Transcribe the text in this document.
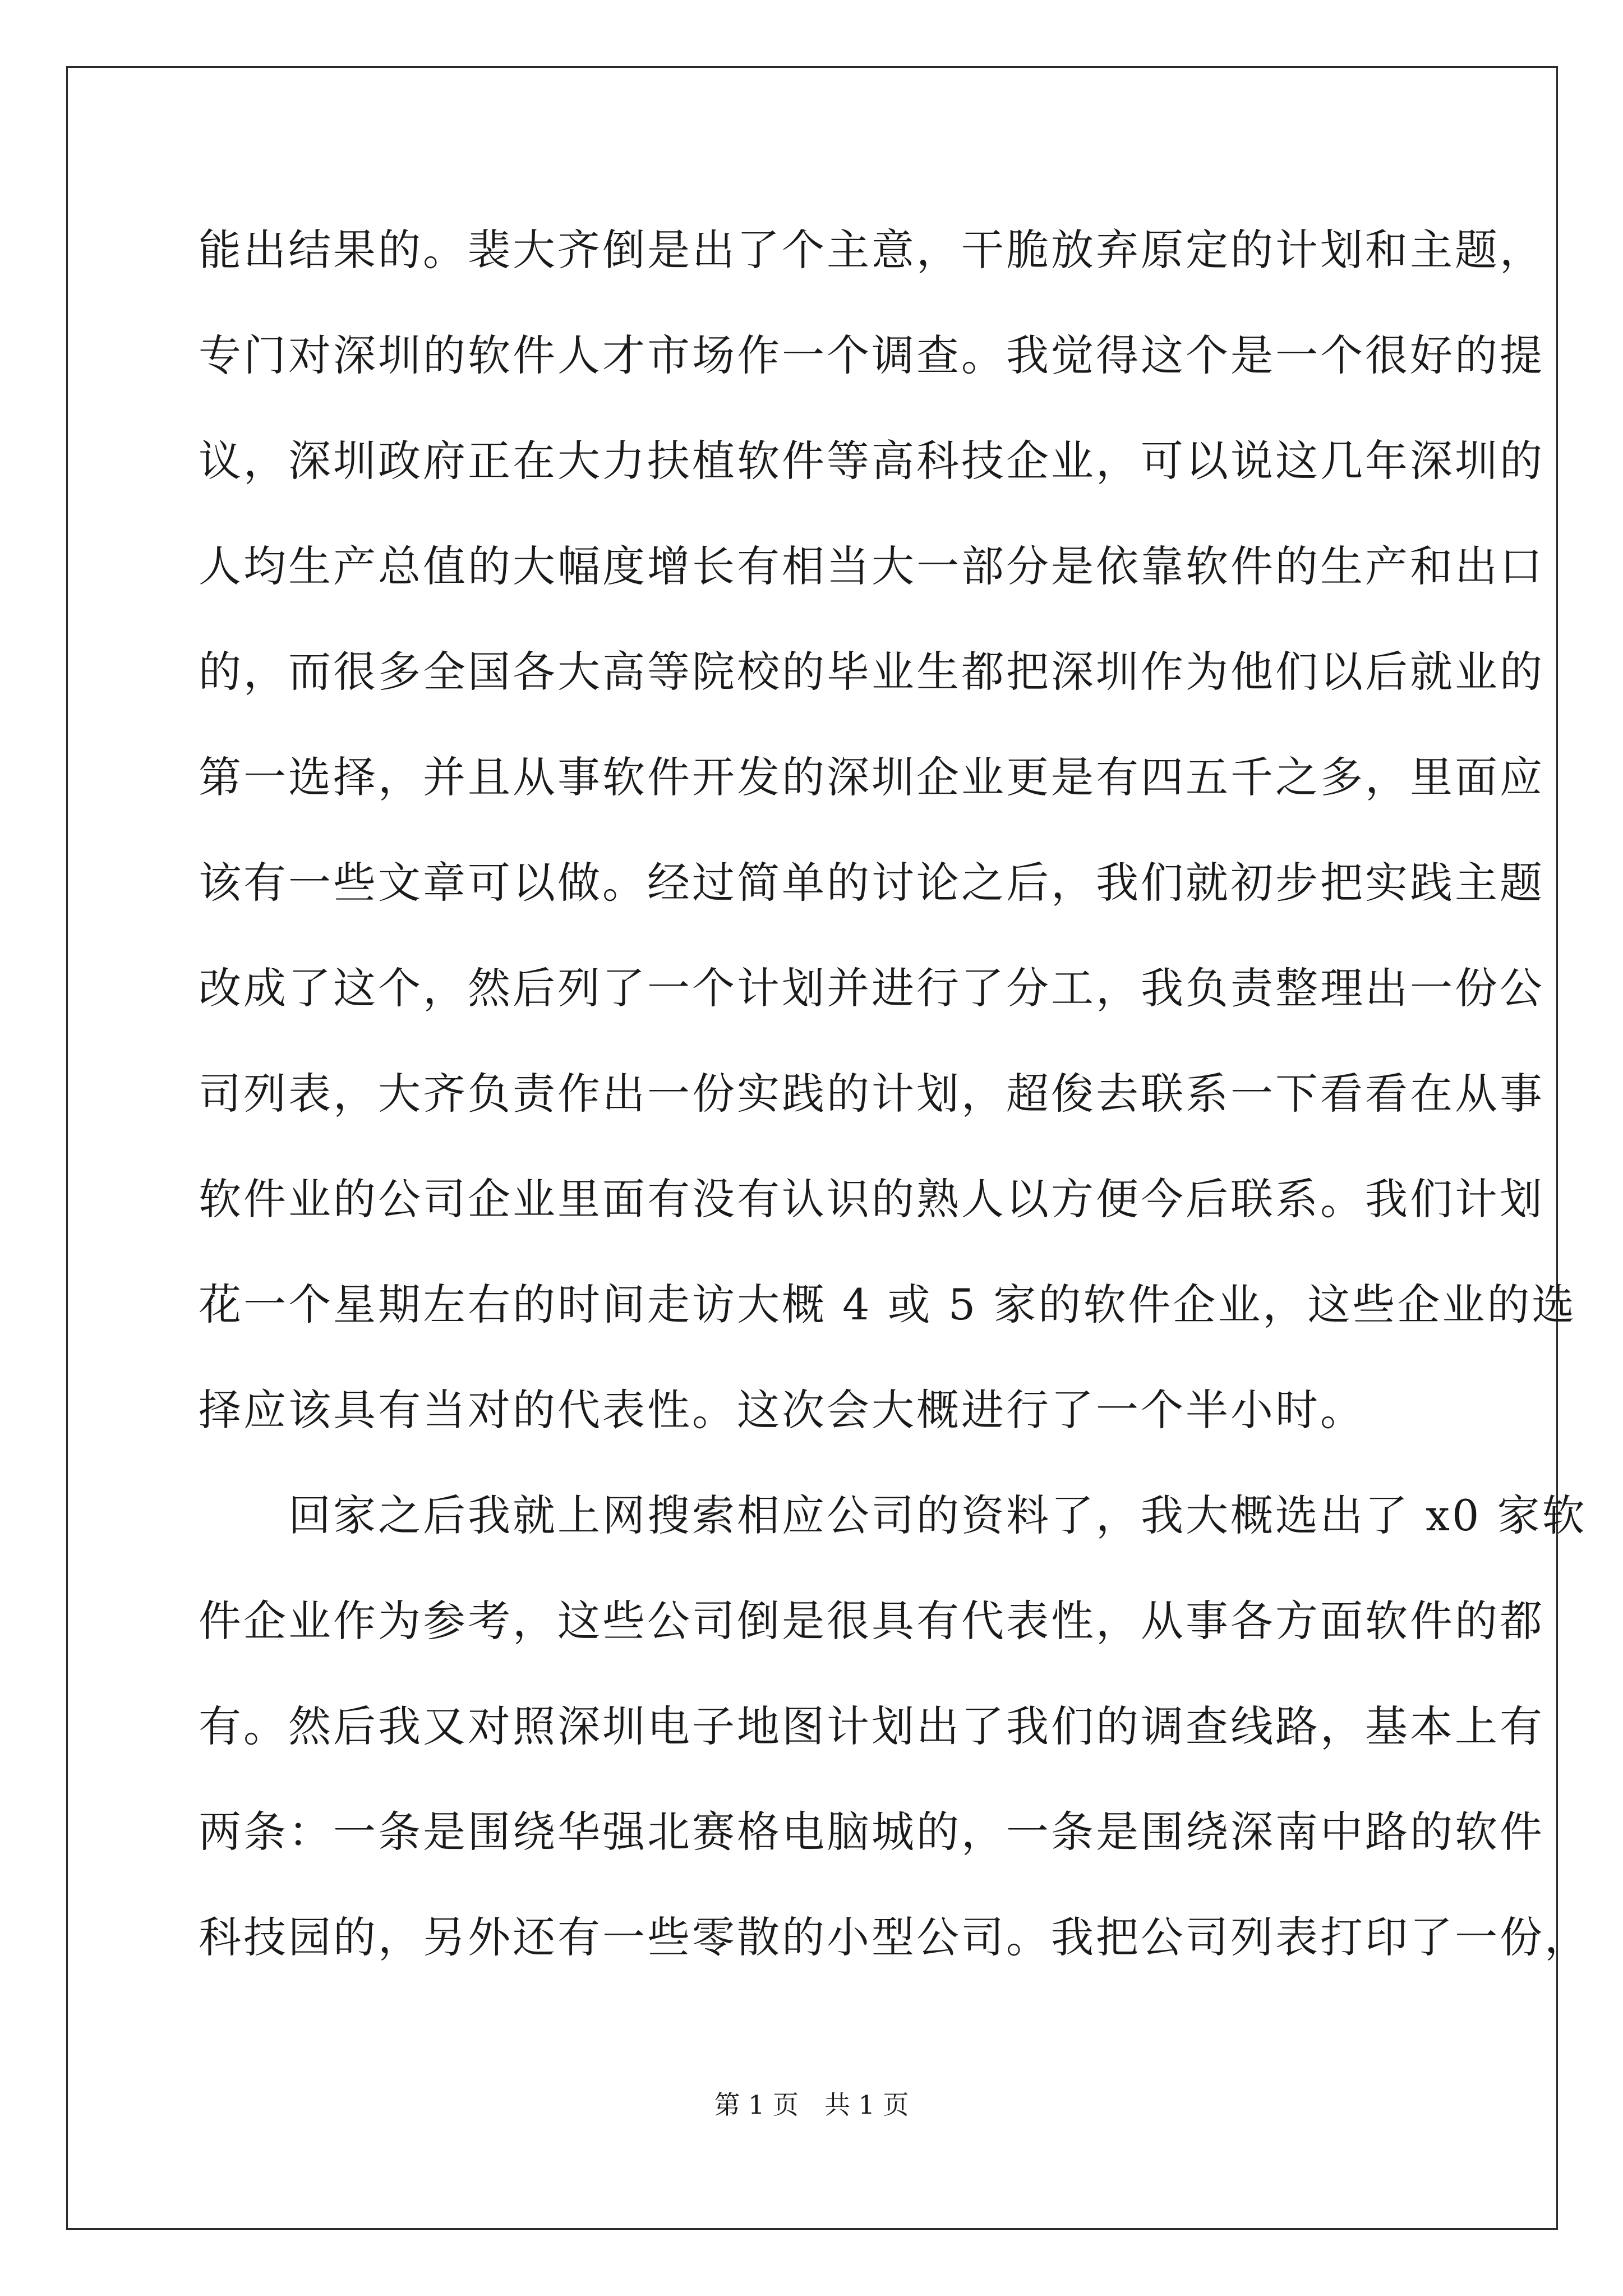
能出结果的。裴大齐倒是出了个主意，干脆放弃原定的计划和主题，
专门对深圳的软件人才市场作一个调查。我觉得这个是一个很好的提
议，深圳政府正在大力扶植软件等高科技企业，可以说这几年深圳的
人均生产总值的大幅度增长有相当大一部分是依靠软件的生产和出口
的，而很多全国各大高等院校的毕业生都把深圳作为他们以后就业的
第一选择，并且从事软件开发的深圳企业更是有四五千之多，里面应
该有一些文章可以做。经过简单的讨论之后，我们就初步把实践主题
改成了这个，然后列了一个计划并进行了分工，我负责整理出一份公
司列表，大齐负责作出一份实践的计划，超俊去联系一下看看在从事
软件业的公司企业里面有没有认识的熟人以方便今后联系。我们计划
花一个星期左右的时间走访大概 4 或 5 家的软件企业，这些企业的选
择应该具有当对的代表性。这次会大概进行了一个半小时。
　　回家之后我就上网搜索相应公司的资料了，我大概选出了 x0 家软
件企业作为参考，这些公司倒是很具有代表性，从事各方面软件的都
有。然后我又对照深圳电子地图计划出了我们的调查线路，基本上有
两条：一条是围绕华强北赛格电脑城的，一条是围绕深南中路的软件
科技园的，另外还有一些零散的小型公司。我把公司列表打印了一份，
第 1 页　共 1 页
